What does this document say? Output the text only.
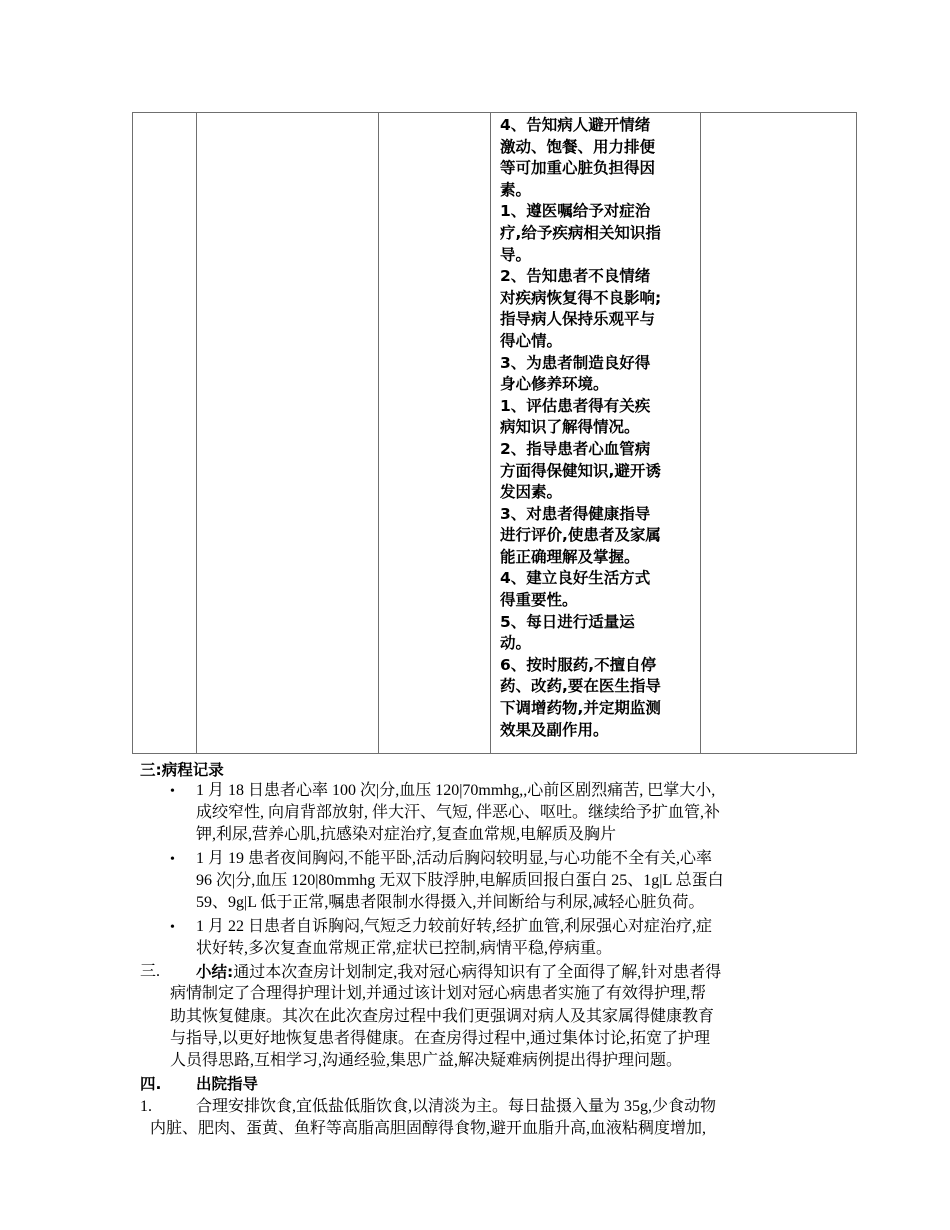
4、告知病人避开情绪
激动、饱餐、用力排便
等可加重心脏负担得因
素。
1、遵医嘱给予对症治
疗,给予疾病相关知识指
导。
2、告知患者不良情绪
对疾病恢复得不良影响;
指导病人保持乐观平与
得心情。
3、为患者制造良好得
身心修养环境。
1、评估患者得有关疾
病知识了解得情况。
2、指导患者心血管病
方面得保健知识,避开诱
发因素。
3、对患者得健康指导
进行评价,使患者及家属
能正确理解及掌握。
4、建立良好生活方式
得重要性。
5、每日进行适量运
动。
6、按时服药,不擅自停
药、改药,要在医生指导
下调增药物,并定期监测
效果及副作用。

三:病程记录
• 1 月 18 日患者心率 100 次|分,血压 120|70mmhg,,心前区剧烈痛苦, 巴掌大小,
成绞窄性, 向肩背部放射, 伴大汗、气短, 伴恶心、呕吐。继续给予扩血管,补
钾,利尿,营养心肌,抗感染对症治疗,复查血常规,电解质及胸片
• 1 月 19 患者夜间胸闷,不能平卧,活动后胸闷较明显,与心功能不全有关,心率
96 次|分,血压 120|80mmhg 无双下肢浮肿,电解质回报白蛋白 25、1g|L 总蛋白
59、9g|L 低于正常,嘱患者限制水得摄入,并间断给与利尿,减轻心脏负荷。
• 1 月 22 日患者自诉胸闷,气短乏力较前好转,经扩血管,利尿强心对症治疗,症
状好转,多次复查血常规正常,症状已控制,病情平稳,停病重。
三. 小结:通过本次查房计划制定,我对冠心病得知识有了全面得了解,针对患者得
病情制定了合理得护理计划,并通过该计划对冠心病患者实施了有效得护理,帮
助其恢复健康。其次在此次查房过程中我们更强调对病人及其家属得健康教育
与指导,以更好地恢复患者得健康。在查房得过程中,通过集体讨论,拓宽了护理
人员得思路,互相学习,沟通经验,集思广益,解决疑难病例提出得护理问题。
四. 出院指导
1.	合理安排饮食,宜低盐低脂饮食,以清淡为主。每日盐摄入量为 35g,少食动物
内脏、肥肉、蛋黄、鱼籽等高脂高胆固醇得食物,避开血脂升高,血液粘稠度增加,
